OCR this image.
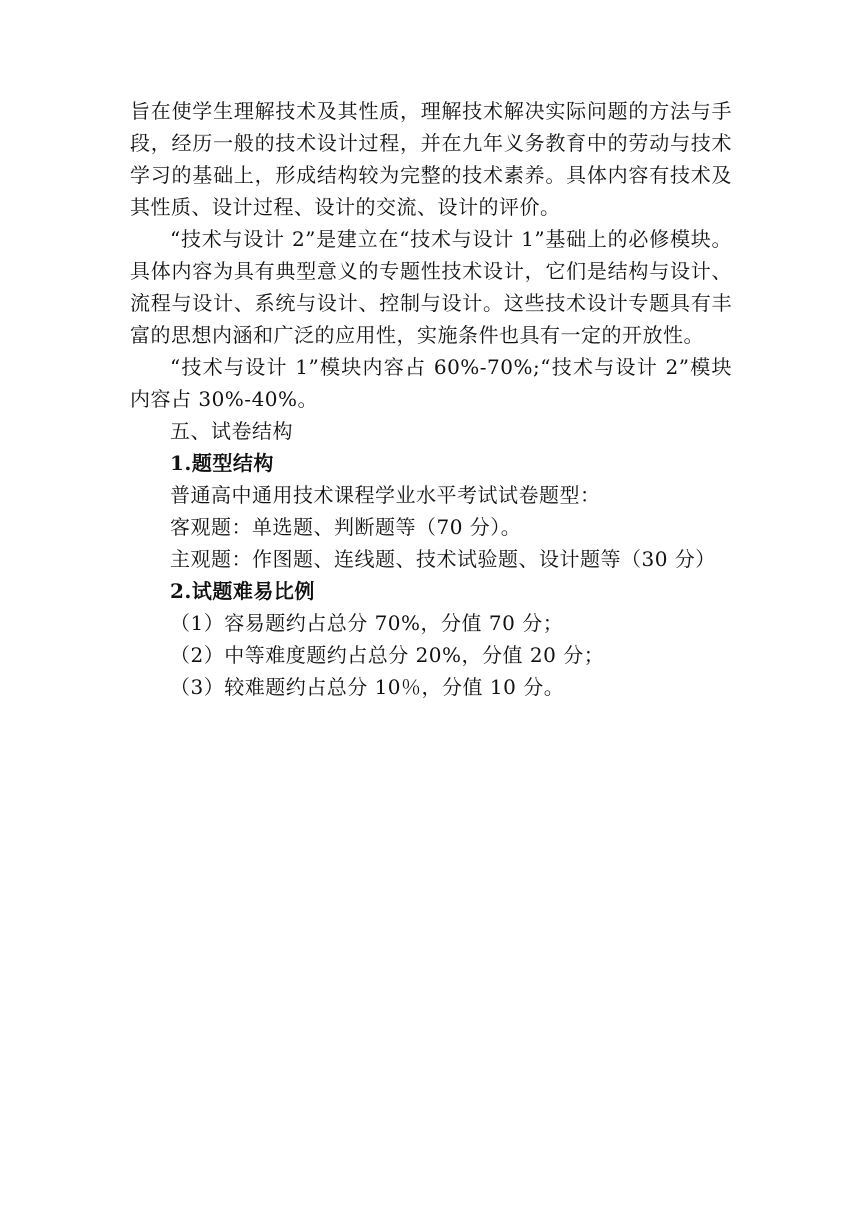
旨在使学生理解技术及其性质，理解技术解决实际问题的方法与手段，经历一般的技术设计过程，并在九年义务教育中的劳动与技术学习的基础上，形成结构较为完整的技术素养。具体内容有技术及其性质、设计过程、设计的交流、设计的评价。

“技术与设计 2”是建立在“技术与设计 1”基础上的必修模块。具体内容为具有典型意义的专题性技术设计，它们是结构与设计、流程与设计、系统与设计、控制与设计。这些技术设计专题具有丰富的思想内涵和广泛的应用性，实施条件也具有一定的开放性。

“技术与设计 1”模块内容占 60%-70%;“技术与设计 2”模块内容占 30%-40%。

五、试卷结构

1.题型结构

普通高中通用技术课程学业水平考试试卷题型：

客观题：单选题、判断题等（70 分）。

主观题：作图题、连线题、技术试验题、设计题等（30 分）

2.试题难易比例

（1）容易题约占总分 70%，分值 70 分；

（2）中等难度题约占总分 20%，分值 20 分；

（3）较难题约占总分 10％，分值 10 分。
